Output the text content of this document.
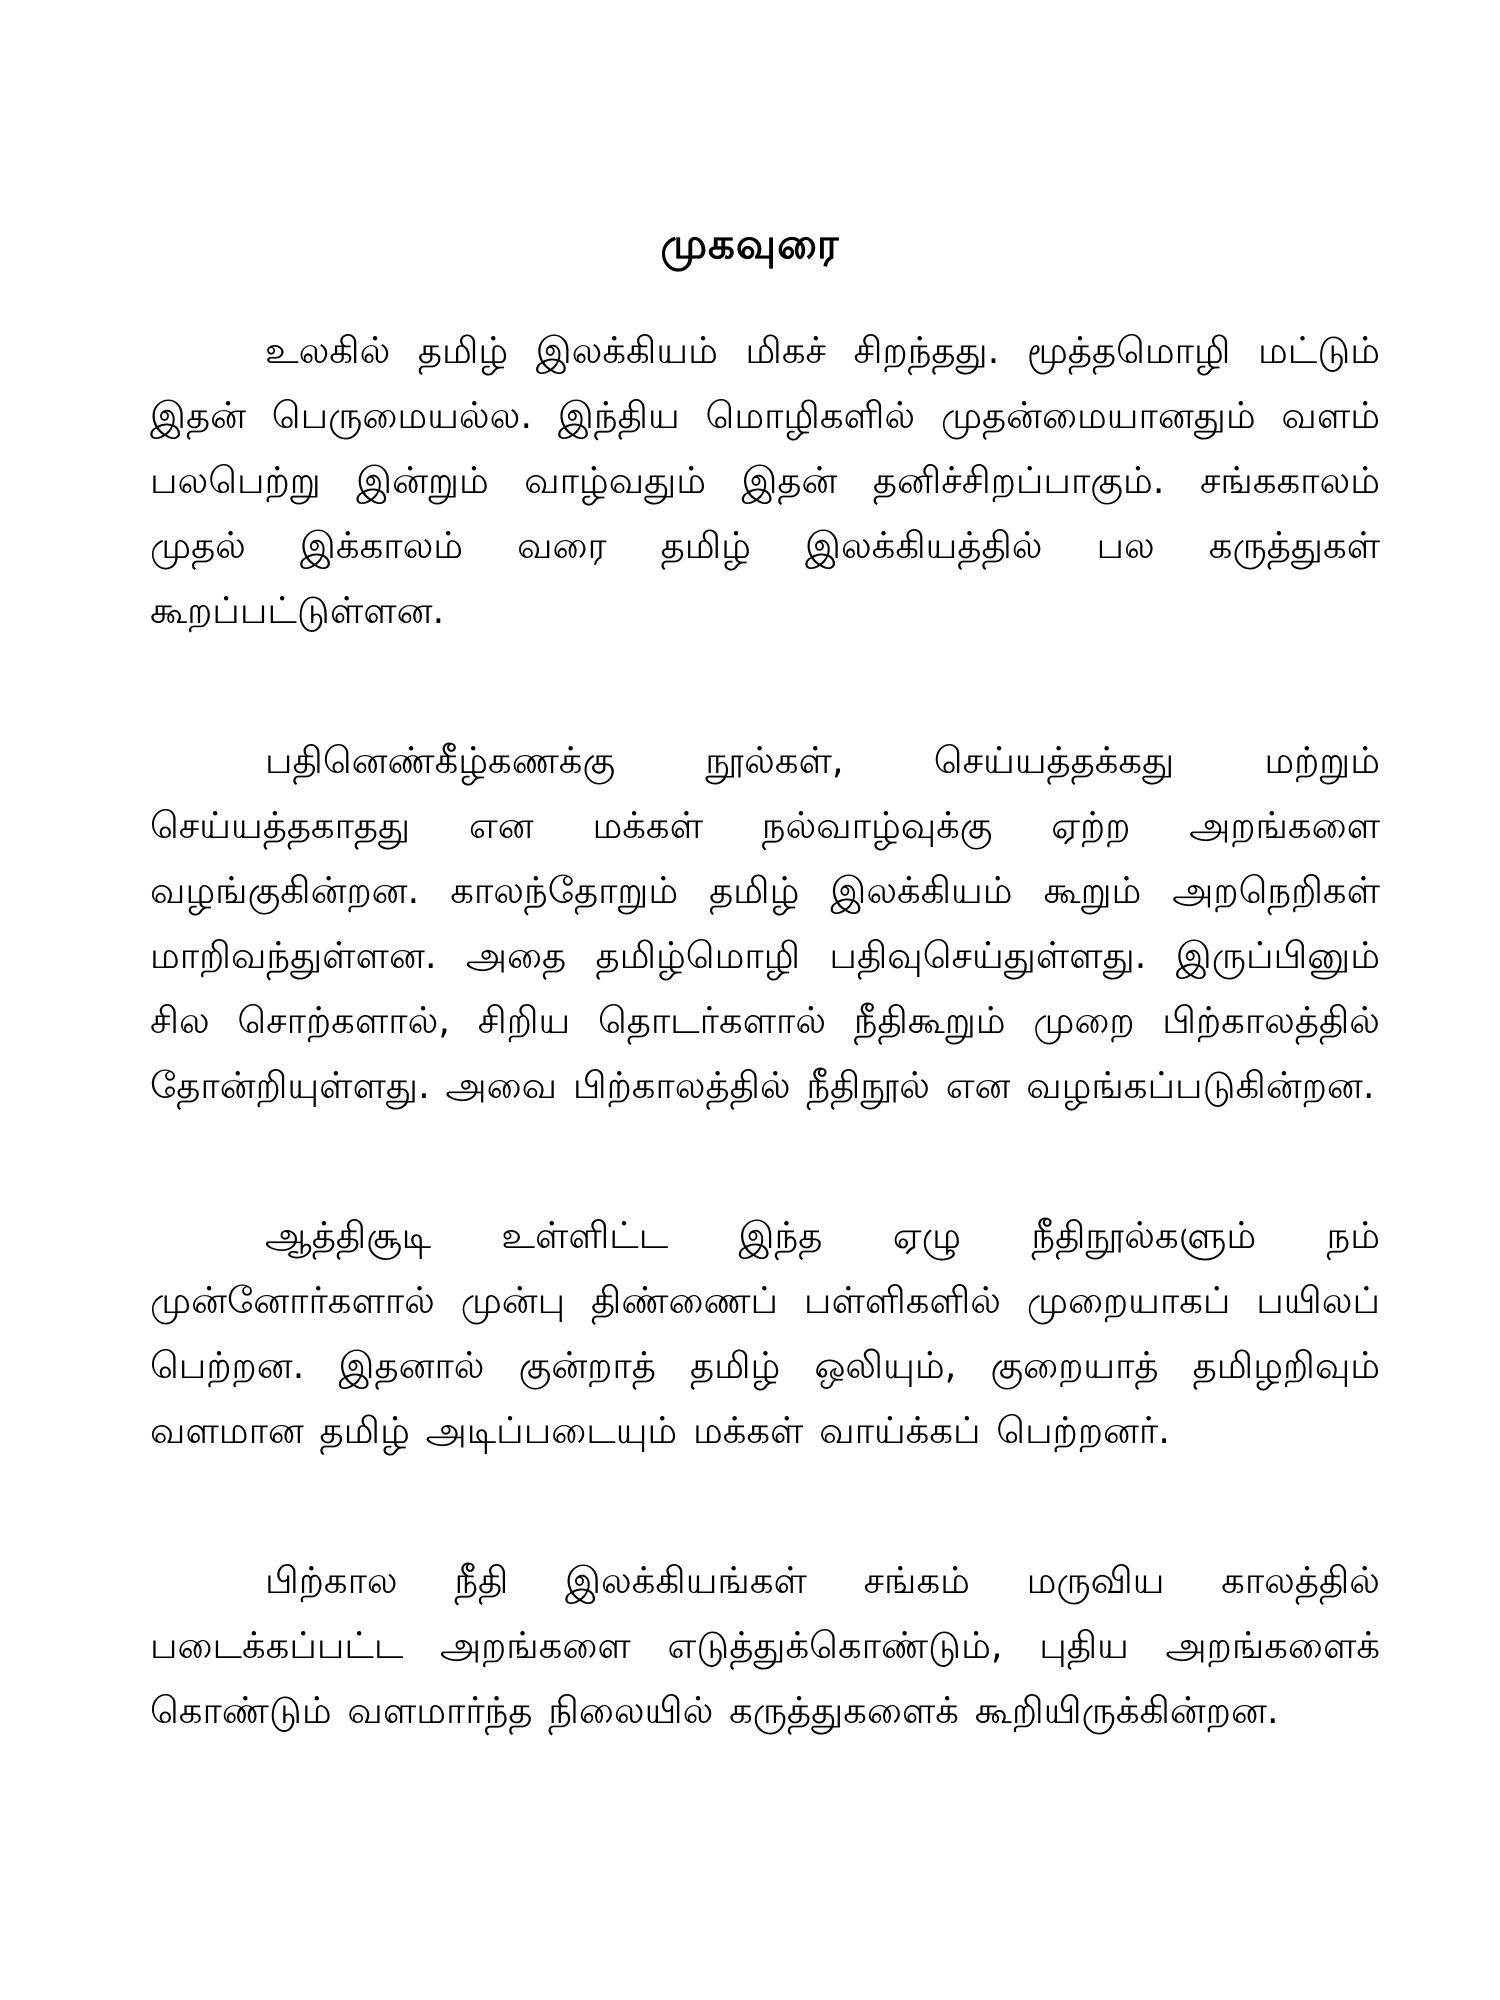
முகவுரை

உலகில் தமிழ் இலக்கியம் மிகச் சிறந்தது. மூத்தமொழி மட்டும் இதன் பெருமையல்ல. இந்திய மொழிகளில் முதன்மையானதும் வளம் பலபெற்று இன்றும் வாழ்வதும் இதன் தனிச்சிறப்பாகும். சங்ககாலம் முதல் இக்காலம் வரை தமிழ் இலக்கியத்தில் பல கருத்துகள் கூறப்பட்டுள்ளன.

பதினெண்கீழ்கணக்கு நூல்கள், செய்யத்தக்கது மற்றும் செய்யத்தகாதது என மக்கள் நல்வாழ்வுக்கு ஏற்ற அறங்களை வழங்குகின்றன. காலந்தோறும் தமிழ் இலக்கியம் கூறும் அறநெறிகள் மாறிவந்துள்ளன. அதை தமிழ்மொழி பதிவுசெய்துள்ளது. இருப்பினும் சில சொற்களால், சிறிய தொடர்களால் நீதிகூறும் முறை பிற்காலத்தில் தோன்றியுள்ளது. அவை பிற்காலத்தில் நீதிநூல் என வழங்கப்படுகின்றன.

ஆத்திசூடி உள்ளிட்ட இந்த ஏழு நீதிநூல்களும் நம் முன்னோர்களால் முன்பு திண்ணைப் பள்ளிகளில் முறையாகப் பயிலப் பெற்றன. இதனால் குன்றாத் தமிழ் ஒலியும், குறையாத் தமிழறிவும் வளமான தமிழ் அடிப்படையும் மக்கள் வாய்க்கப் பெற்றனர்.

பிற்கால நீதி இலக்கியங்கள் சங்கம் மருவிய காலத்தில் படைக்கப்பட்ட அறங்களை எடுத்துக்கொண்டும், புதிய அறங்களைக் கொண்டும் வளமார்ந்த நிலையில் கருத்துகளைக் கூறியிருக்கின்றன.
